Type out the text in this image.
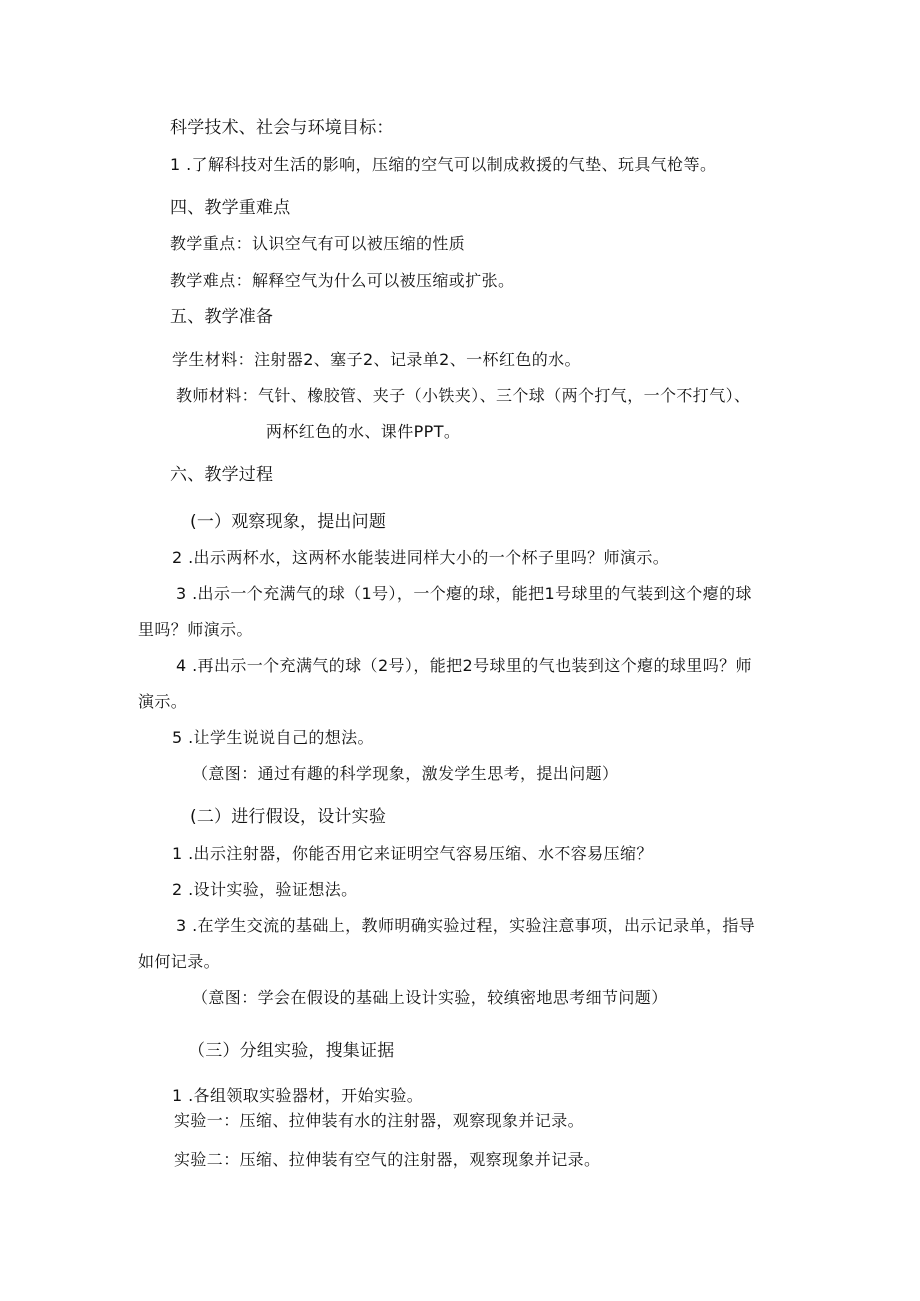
科学技术、社会与环境目标：
1 .了解科技对生活的影响，压缩的空气可以制成救援的气垫、玩具气枪等。
四、教学重难点
教学重点：认识空气有可以被压缩的性质
教学难点：解释空气为什么可以被压缩或扩张。
五、教学准备
学生材料：注射器2、塞子2、记录单2、一杯红色的水。
教师材料：气针、橡胶管、夹子（小铁夹）、三个球（两个打气，一个不打气）、
两杯红色的水、课件PPT。
六、教学过程
(一）观察现象，提出问题
2 .出示两杯水，这两杯水能装进同样大小的一个杯子里吗？师演示。
3 .出示一个充满气的球（1号），一个瘪的球，能把1号球里的气装到这个瘪的球
里吗？师演示。
4 .再出示一个充满气的球（2号），能把2号球里的气也装到这个瘪的球里吗？师
演示。
5 .让学生说说自己的想法。
（意图：通过有趣的科学现象，激发学生思考，提出问题）
(二）进行假设，设计实验
1 .出示注射器，你能否用它来证明空气容易压缩、水不容易压缩？
2 .设计实验，验证想法。
3 .在学生交流的基础上，教师明确实验过程，实验注意事项，出示记录单，指导
如何记录。
（意图：学会在假设的基础上设计实验，较缜密地思考细节问题）
（三）分组实验，搜集证据
1 .各组领取实验器材，开始实验。
实验一：压缩、拉伸装有水的注射器，观察现象并记录。
实验二：压缩、拉伸装有空气的注射器，观察现象并记录。
